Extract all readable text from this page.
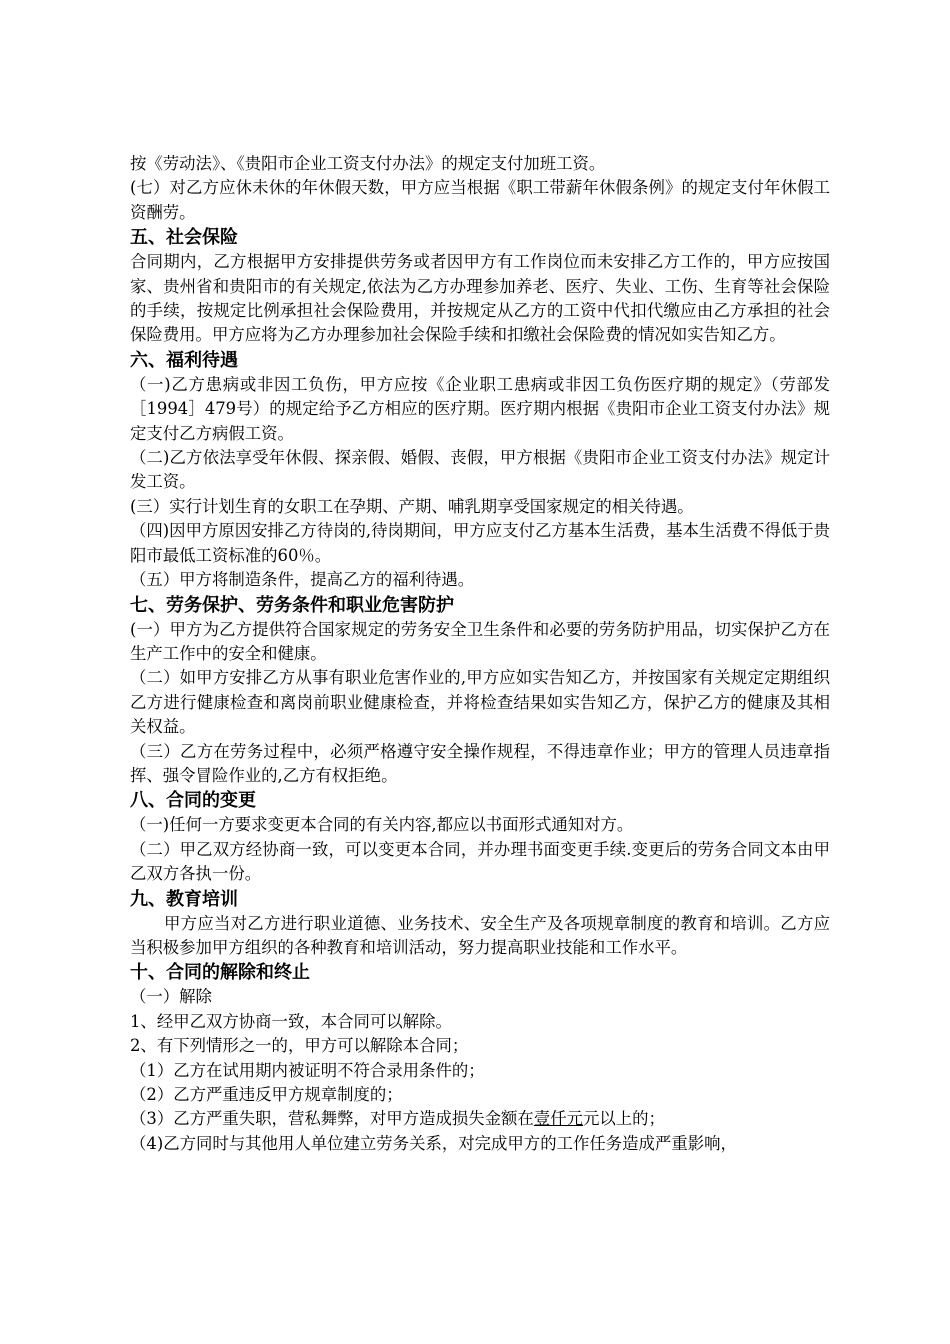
按《劳动法》、《贵阳市企业工资支付办法》的规定支付加班工资。

(七）对乙方应休未休的年休假天数，甲方应当根据《职工带薪年休假条例》的规定支付年休假工资酬劳。

五、社会保险

合同期内，乙方根据甲方安排提供劳务或者因甲方有工作岗位而未安排乙方工作的，甲方应按国家、贵州省和贵阳市的有关规定,依法为乙方办理参加养老、医疗、失业、工伤、生育等社会保险的手续，按规定比例承担社会保险费用，并按规定从乙方的工资中代扣代缴应由乙方承担的社会保险费用。甲方应将为乙方办理参加社会保险手续和扣缴社会保险费的情况如实告知乙方。

六、福利待遇

（一)乙方患病或非因工负伤，甲方应按《企业职工患病或非因工负伤医疗期的规定》（劳部发［1994］479号）的规定给予乙方相应的医疗期。医疗期内根据《贵阳市企业工资支付办法》规定支付乙方病假工资。

（二)乙方依法享受年休假、探亲假、婚假、丧假，甲方根据《贵阳市企业工资支付办法》规定计发工资。

(三）实行计划生育的女职工在孕期、产期、哺乳期享受国家规定的相关待遇。

（四)因甲方原因安排乙方待岗的,待岗期间，甲方应支付乙方基本生活费，基本生活费不得低于贵阳市最低工资标准的60％。

（五）甲方将制造条件，提高乙方的福利待遇。

七、劳务保护、劳务条件和职业危害防护

(一）甲方为乙方提供符合国家规定的劳务安全卫生条件和必要的劳务防护用品，切实保护乙方在生产工作中的安全和健康。

（二）如甲方安排乙方从事有职业危害作业的,甲方应如实告知乙方，并按国家有关规定定期组织乙方进行健康检查和离岗前职业健康检查，并将检查结果如实告知乙方，保护乙方的健康及其相关权益。

（三）乙方在劳务过程中，必须严格遵守安全操作规程，不得违章作业；甲方的管理人员违章指挥、强令冒险作业的,乙方有权拒绝。

八、合同的变更

（一)任何一方要求变更本合同的有关内容,都应以书面形式通知对方。

（二）甲乙双方经协商一致，可以变更本合同，并办理书面变更手续.变更后的劳务合同文本由甲乙双方各执一份。

九、教育培训

甲方应当对乙方进行职业道德、业务技术、安全生产及各项规章制度的教育和培训。乙方应当积极参加甲方组织的各种教育和培训活动，努力提高职业技能和工作水平。

十、合同的解除和终止

（一）解除

1、经甲乙双方协商一致，本合同可以解除。

2、有下列情形之一的，甲方可以解除本合同；

（1）乙方在试用期内被证明不符合录用条件的；

（2）乙方严重违反甲方规章制度的；

（3）乙方严重失职，营私舞弊，对甲方造成损失金额在壹仟元元以上的；

（4)乙方同时与其他用人单位建立劳务关系，对完成甲方的工作任务造成严重影响，
